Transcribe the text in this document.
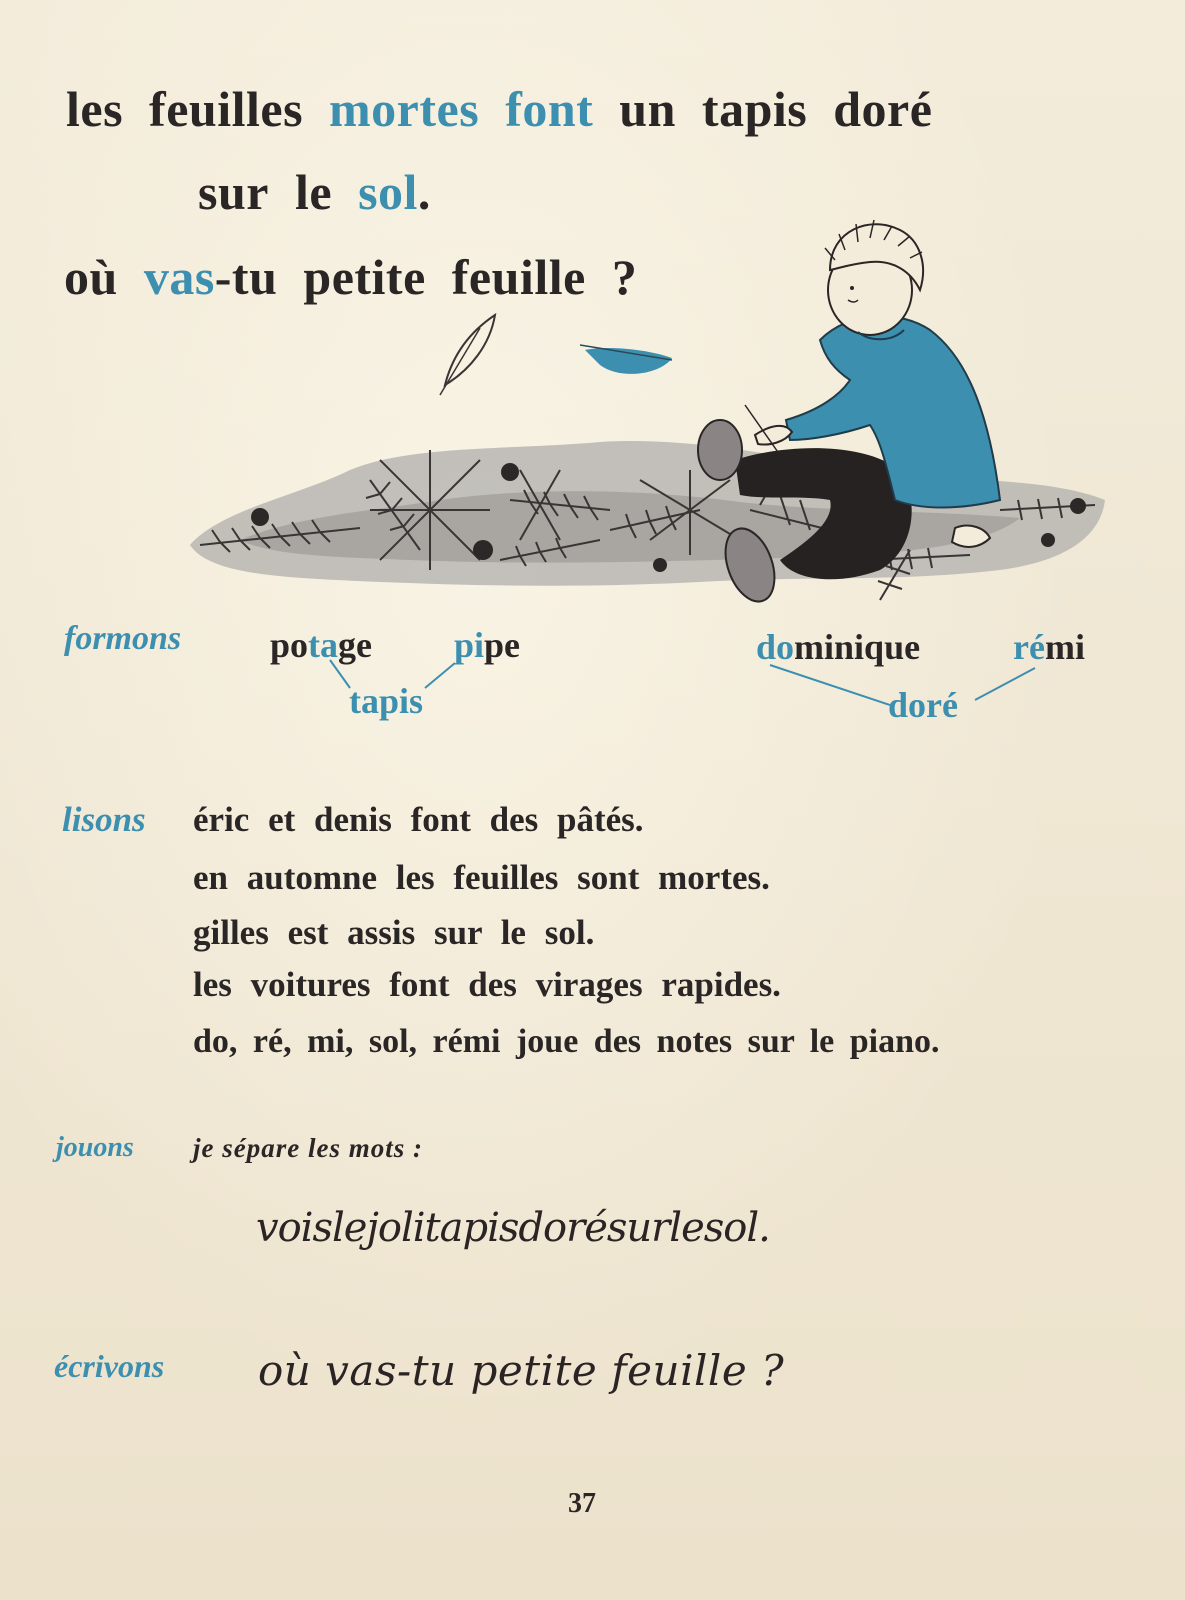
les feuilles mortes font un tapis doré
sur le sol.
où vas-tu petite feuille ?
formons potage pipe
tapis
dominique	rémi
doré
lisons éric et denis font des pâtés.
en automne les feuilles sont mortes.
gilles est assis sur le sol.
les voitures font des virages rapides.
do, ré, mi, sol, rémi joue des notes sur le piano.
jouons je sépare les mots :
voislejolitapisdorésurlesol.
écrivons où vas-tu petite feuille ?
37
